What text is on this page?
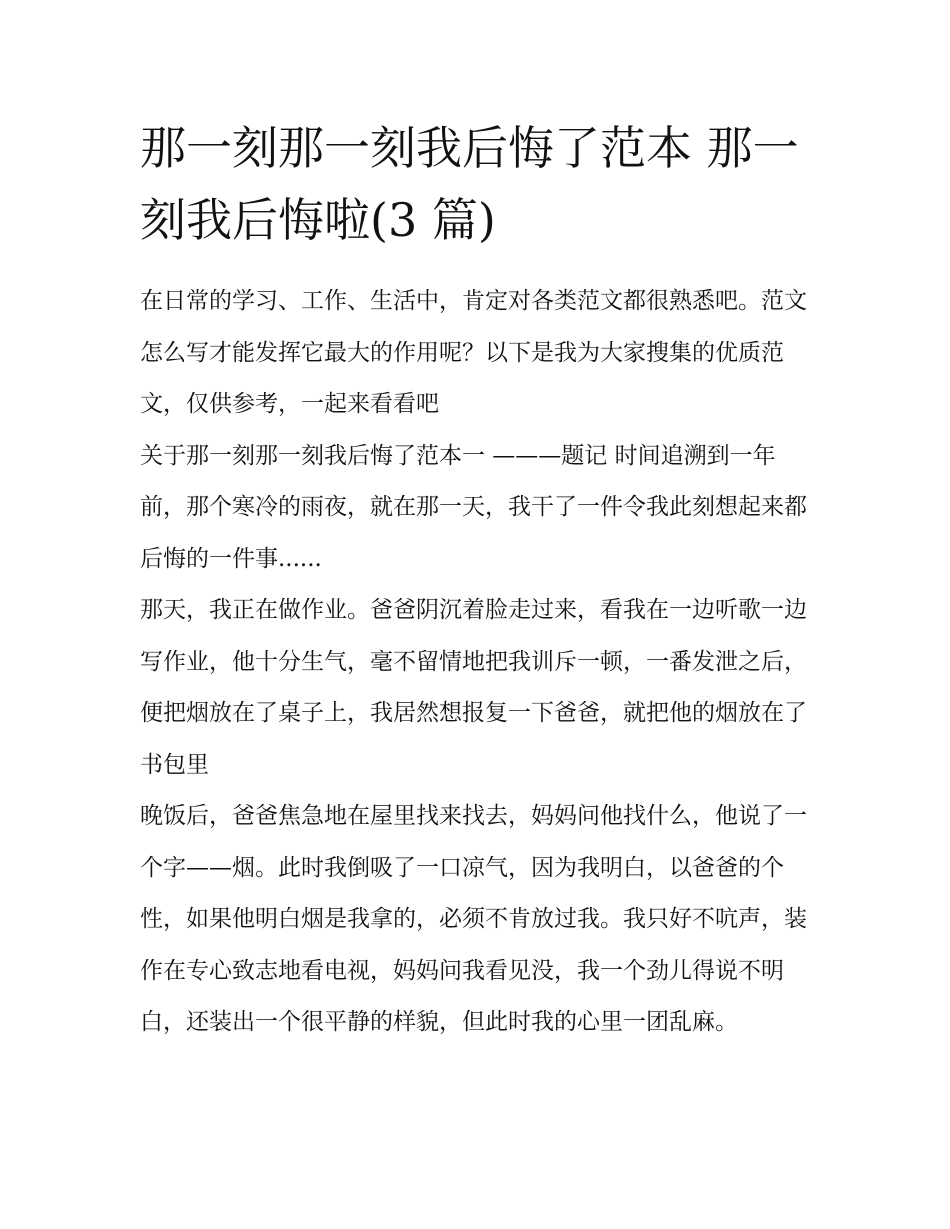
那一刻那一刻我后悔了范本 那一刻我后悔啦(3 篇)

在日常的学习、工作、生活中，肯定对各类范文都很熟悉吧。范文怎么写才能发挥它最大的作用呢？以下是我为大家搜集的优质范文，仅供参考，一起来看看吧

关于那一刻那一刻我后悔了范本一 ———题记 时间追溯到一年前，那个寒冷的雨夜，就在那一天，我干了一件令我此刻想起来都后悔的一件事......

那天，我正在做作业。爸爸阴沉着脸走过来，看我在一边听歌一边写作业，他十分生气，毫不留情地把我训斥一顿，一番发泄之后，便把烟放在了桌子上，我居然想报复一下爸爸，就把他的烟放在了书包里

晚饭后，爸爸焦急地在屋里找来找去，妈妈问他找什么，他说了一个字——烟。此时我倒吸了一口凉气，因为我明白，以爸爸的个性，如果他明白烟是我拿的，必须不肯放过我。我只好不吭声，装作在专心致志地看电视，妈妈问我看见没，我一个劲儿得说不明白，还装出一个很平静的样貌，但此时我的心里一团乱麻。
